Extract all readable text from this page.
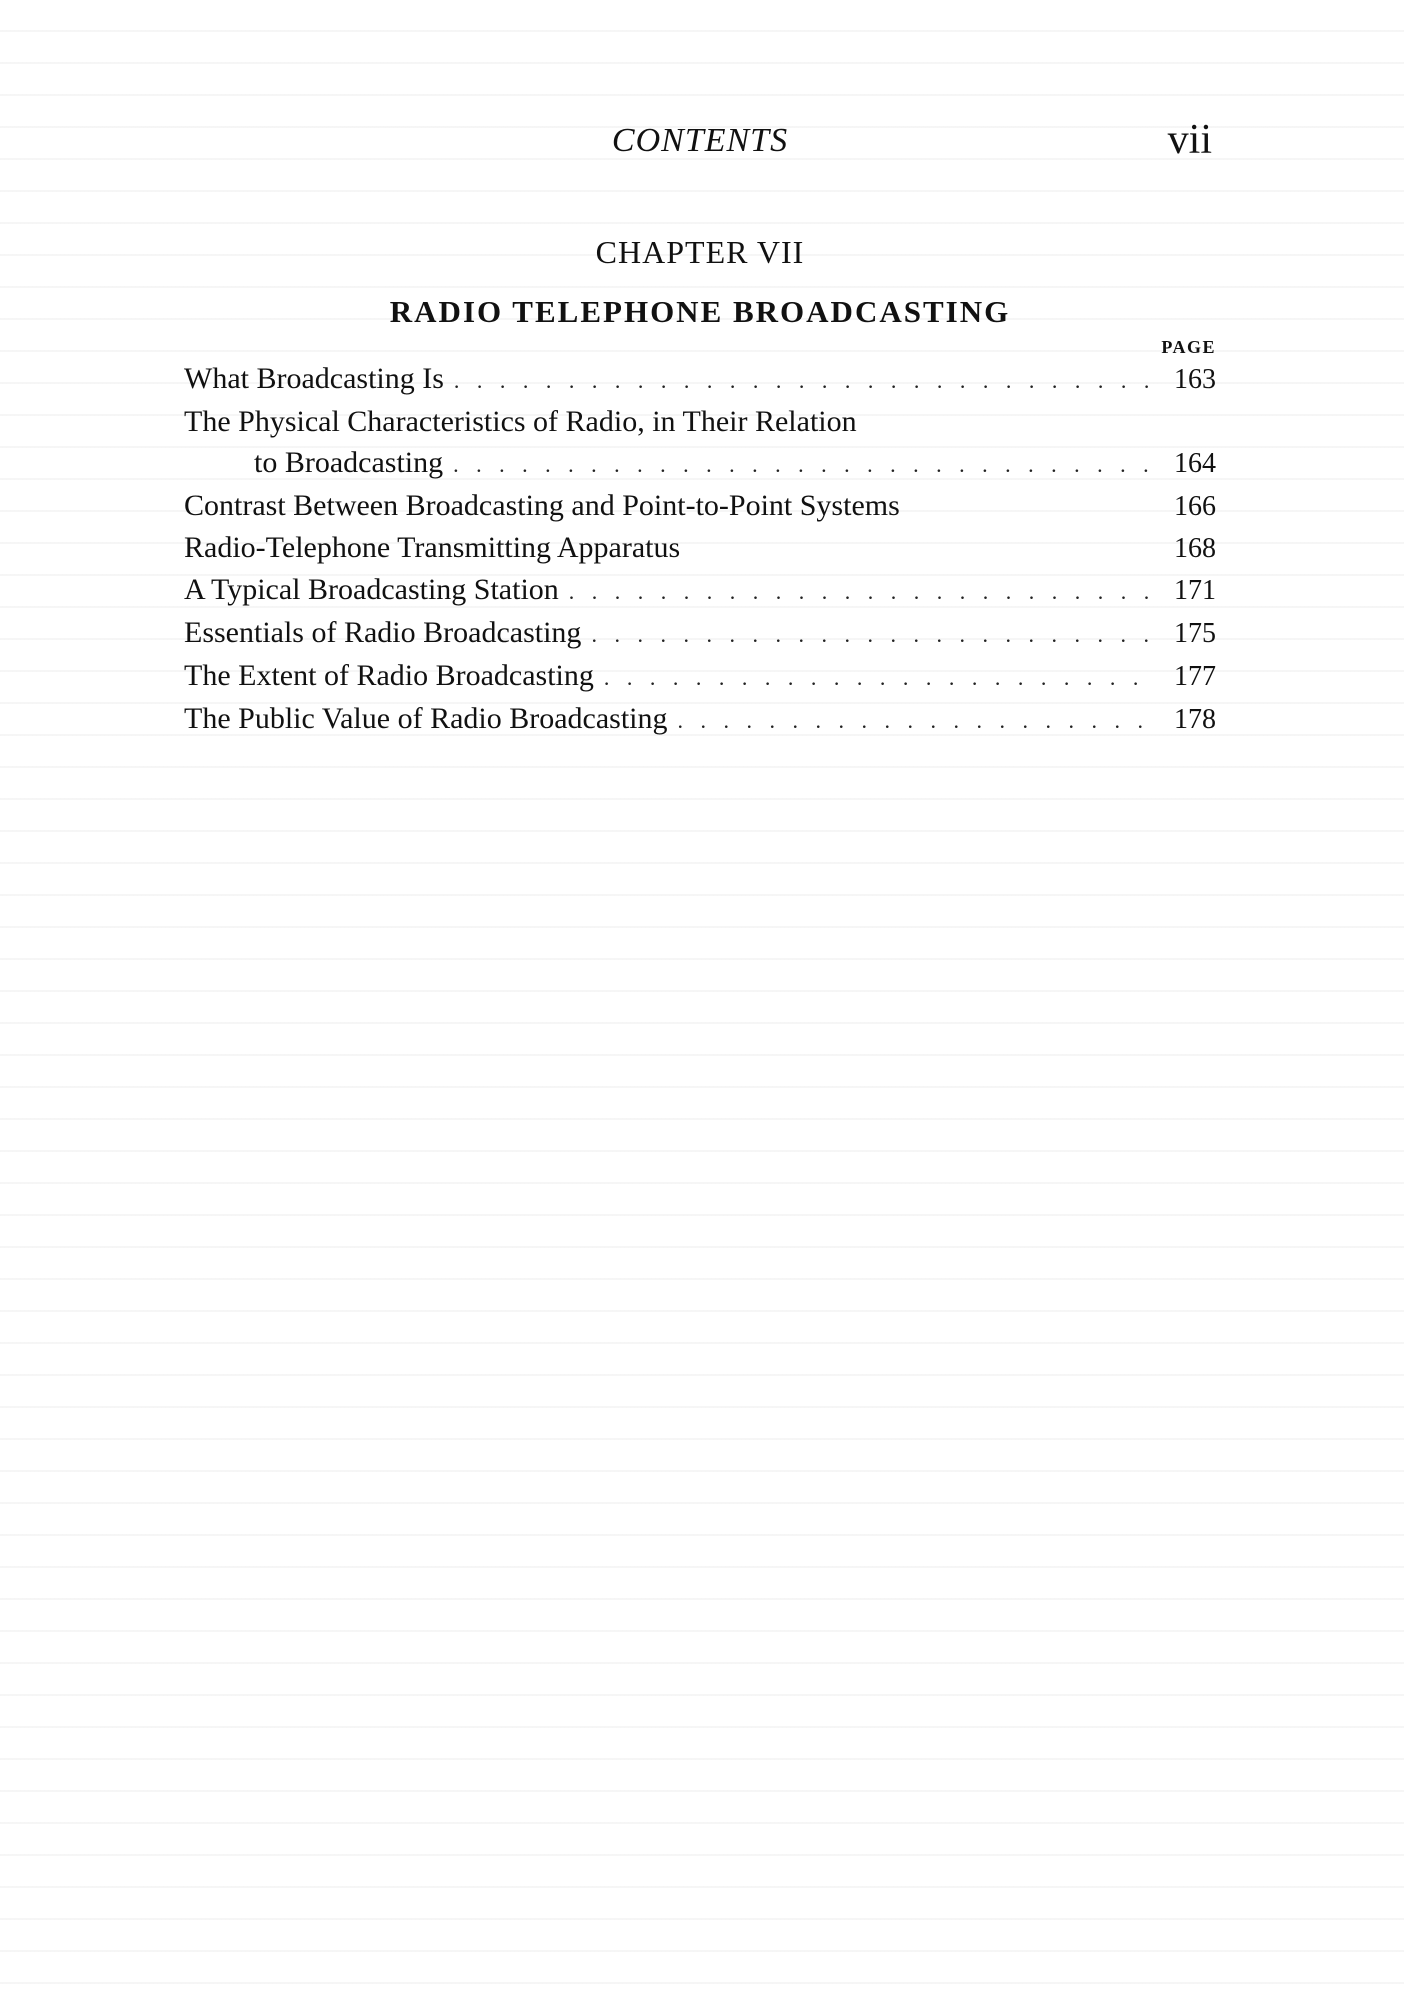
CONTENTS	vii
CHAPTER VII
RADIO TELEPHONE BROADCASTING
PAGE
What Broadcasting Is . . .	163
The Physical Characteristics of Radio, in Their Relation
to Broadcasting . . .	164
Contrast Between Broadcasting and Point-to-Point Systems	166
Radio-Telephone Transmitting Apparatus	168
A Typical Broadcasting Station . . .	171
Essentials of Radio Broadcasting . . .	175
The Extent of Radio Broadcasting . . .	177
The Public Value of Radio Broadcasting . . .	178
